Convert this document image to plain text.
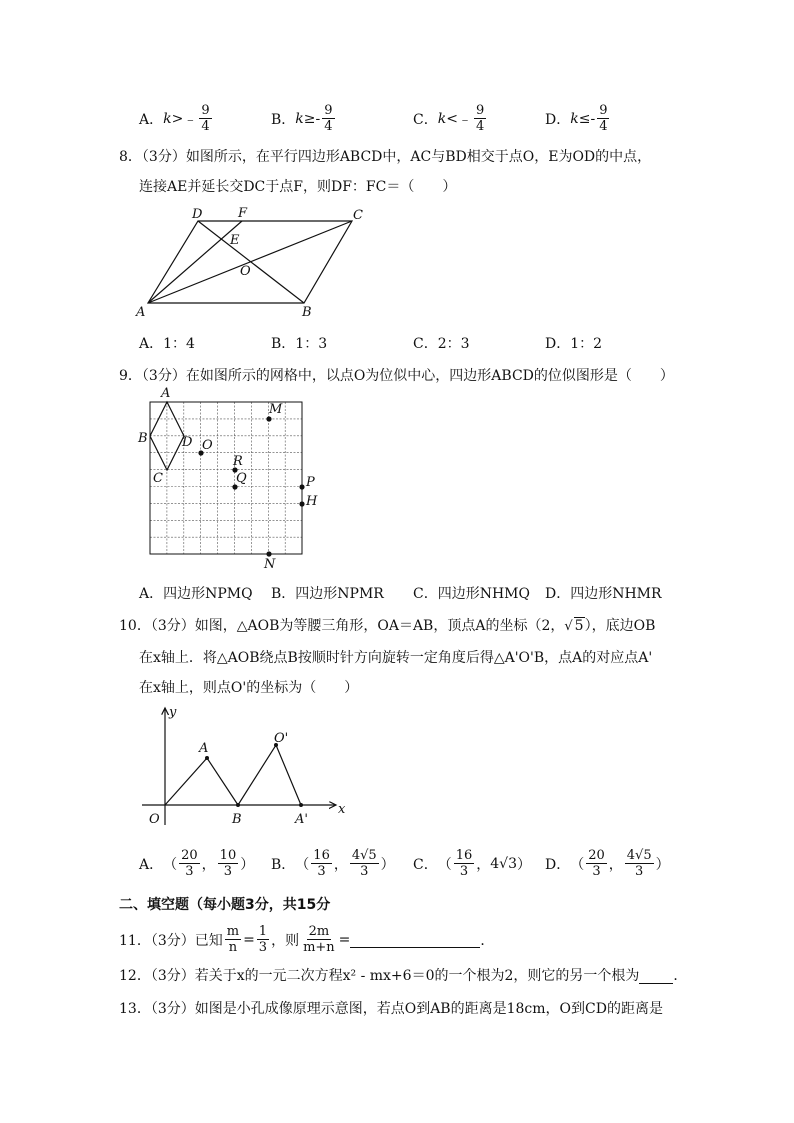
A． k > ﹣ $\frac{9}{4}$	B． k ≥ - $\frac{9}{4}$	C． k < ﹣ $\frac{9}{4}$	D． k ≤ - $\frac{9}{4}$
8．（3分）如图所示，在平行四边形ABCD中，AC与BD相交于点O，E为OD的中点，
连接AE并延长交DC于点F，则DF：FC＝（　　）
A	B
C
D
E
F
O
A．1：4	B．1：3	C．2：3	D．1：2
9．（3分）在如图所示的网格中，以点O为位似中心，四边形ABCD的位似图形是（　　）
A
B
C
D O
M
R
Q	P
H
N
A．四边形NPMQ B．四边形NPMR C．四边形NHMQ D．四边形NHMR
10．（3分）如图，△AOB为等腰三角形，OA＝AB，顶点A的坐标（2，√ 5），底边OB
在x轴上．将△AOB绕点B按顺时针方向旋转一定角度后得△A'O'B，点A的对应点A'
在x轴上，则点O'的坐标为（　　）
y
x
O
A
B
O'
A'
A． （ $\frac{20}{3}$ ， $\frac{10}{3}$ ） B． （ $\frac{16}{3}$ ， $\frac{4√5}{3}$ ） C． （ $\frac{16}{3}$ ， 4√3 ） D． （ $\frac{20}{3}$ ， $\frac{4√5}{3}$ ）
二、填空题（每小题3分，共15分
11．（3分）已知 $\frac{m}{n} = \frac{1}{3}$ ，则 $\frac{2m}{m+n}$ =	．
12．（3分）若关于x的一元二次方程x² - mx+6＝0的一个根为2，则它的另一个根为 ．
13．（3分）如图是小孔成像原理示意图，若点O到AB的距离是18cm，O到CD的距离是
